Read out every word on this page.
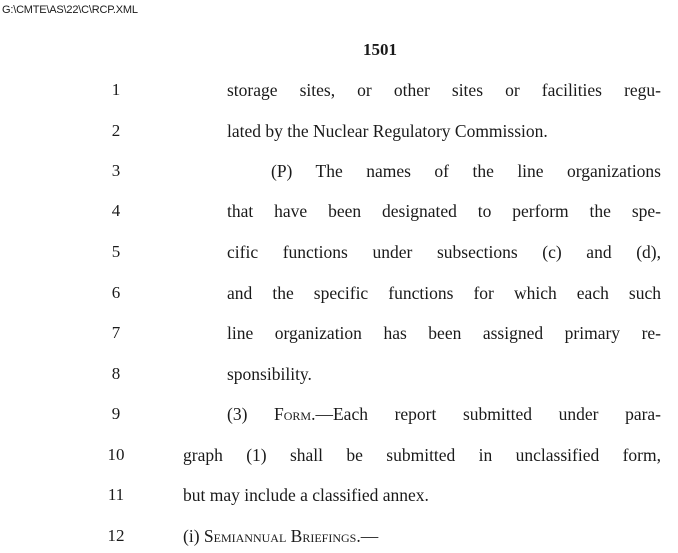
G:\CMTE\AS\22\C\RCP.XML
1501
1	storage sites, or other sites or facilities regu-
2	lated by the Nuclear Regulatory Commission.
3	(P) The names of the line organizations
4	that have been designated to perform the spe-
5	cific functions under subsections (c) and (d),
6	and the specific functions for which each such
7	line organization has been assigned primary re-
8	sponsibility.
9	(3) Form.—Each report submitted under para-
10	graph (1) shall be submitted in unclassified form,
11	but may include a classified annex.
12	(i) Semiannual Briefings.—
